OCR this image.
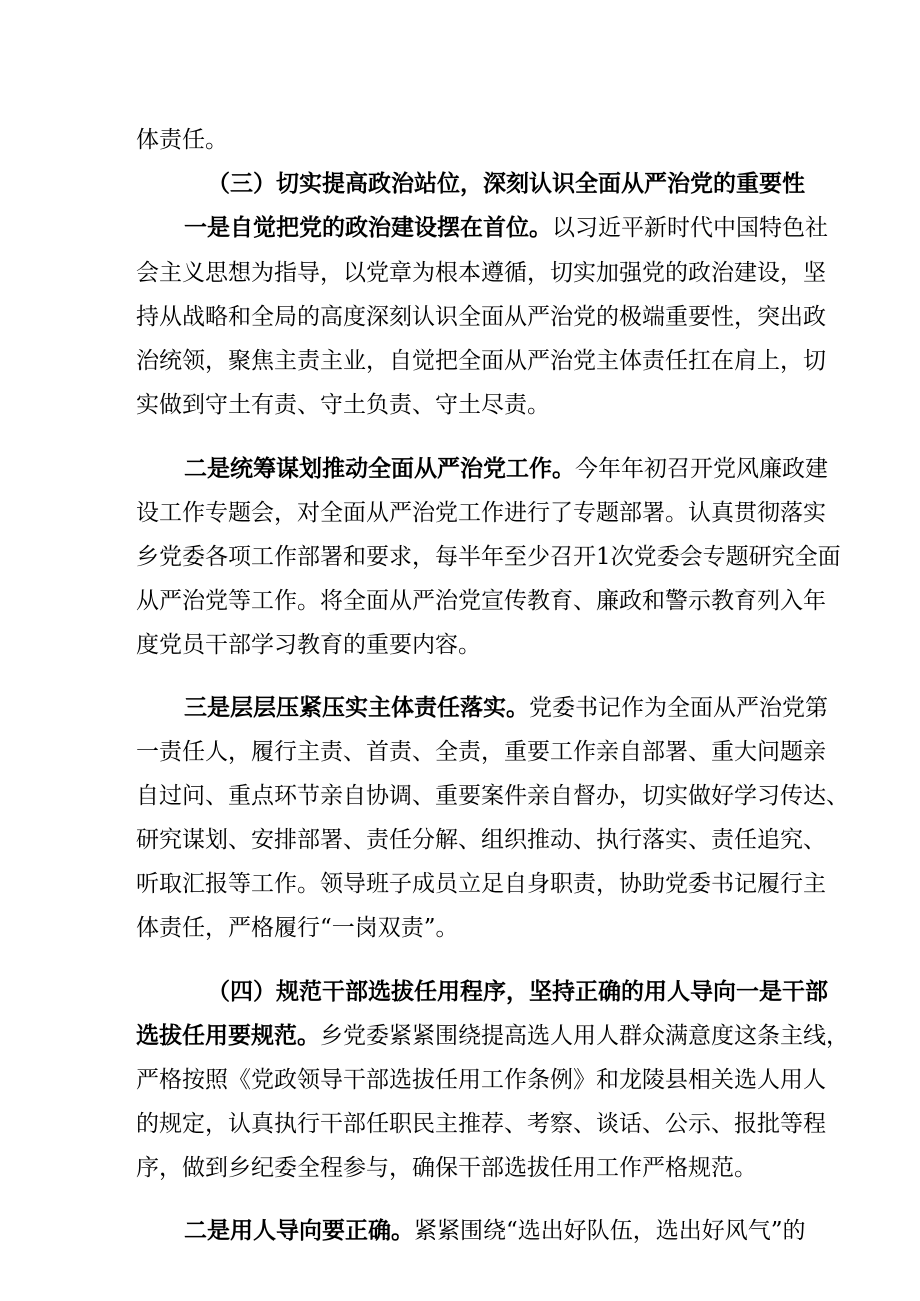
体责任。
（三）切实提高政治站位，深刻认识全面从严治党的重要性
一是自觉把党的政治建设摆在首位。以习近平新时代中国特色社
会主义思想为指导，以党章为根本遵循，切实加强党的政治建设，坚
持从战略和全局的高度深刻认识全面从严治党的极端重要性，突出政
治统领，聚焦主责主业，自觉把全面从严治党主体责任扛在肩上，切
实做到守土有责、守土负责、守土尽责。
二是统筹谋划推动全面从严治党工作。今年年初召开党风廉政建
设工作专题会，对全面从严治党工作进行了专题部署。认真贯彻落实
乡党委各项工作部署和要求，每半年至少召开1次党委会专题研究全面
从严治党等工作。将全面从严治党宣传教育、廉政和警示教育列入年
度党员干部学习教育的重要内容。
三是层层压紧压实主体责任落实。党委书记作为全面从严治党第
一责任人，履行主责、首责、全责，重要工作亲自部署、重大问题亲
自过问、重点环节亲自协调、重要案件亲自督办，切实做好学习传达、
研究谋划、安排部署、责任分解、组织推动、执行落实、责任追究、
听取汇报等工作。领导班子成员立足自身职责，协助党委书记履行主
体责任，严格履行“一岗双责”。
（四）规范干部选拔任用程序，坚持正确的用人导向一是干部
选拔任用要规范。乡党委紧紧围绕提高选人用人群众满意度这条主线，
严格按照《党政领导干部选拔任用工作条例》和龙陵县相关选人用人
的规定，认真执行干部任职民主推荐、考察、谈话、公示、报批等程
序，做到乡纪委全程参与，确保干部选拔任用工作严格规范。
二是用人导向要正确。紧紧围绕“选出好队伍，选出好风气”的
